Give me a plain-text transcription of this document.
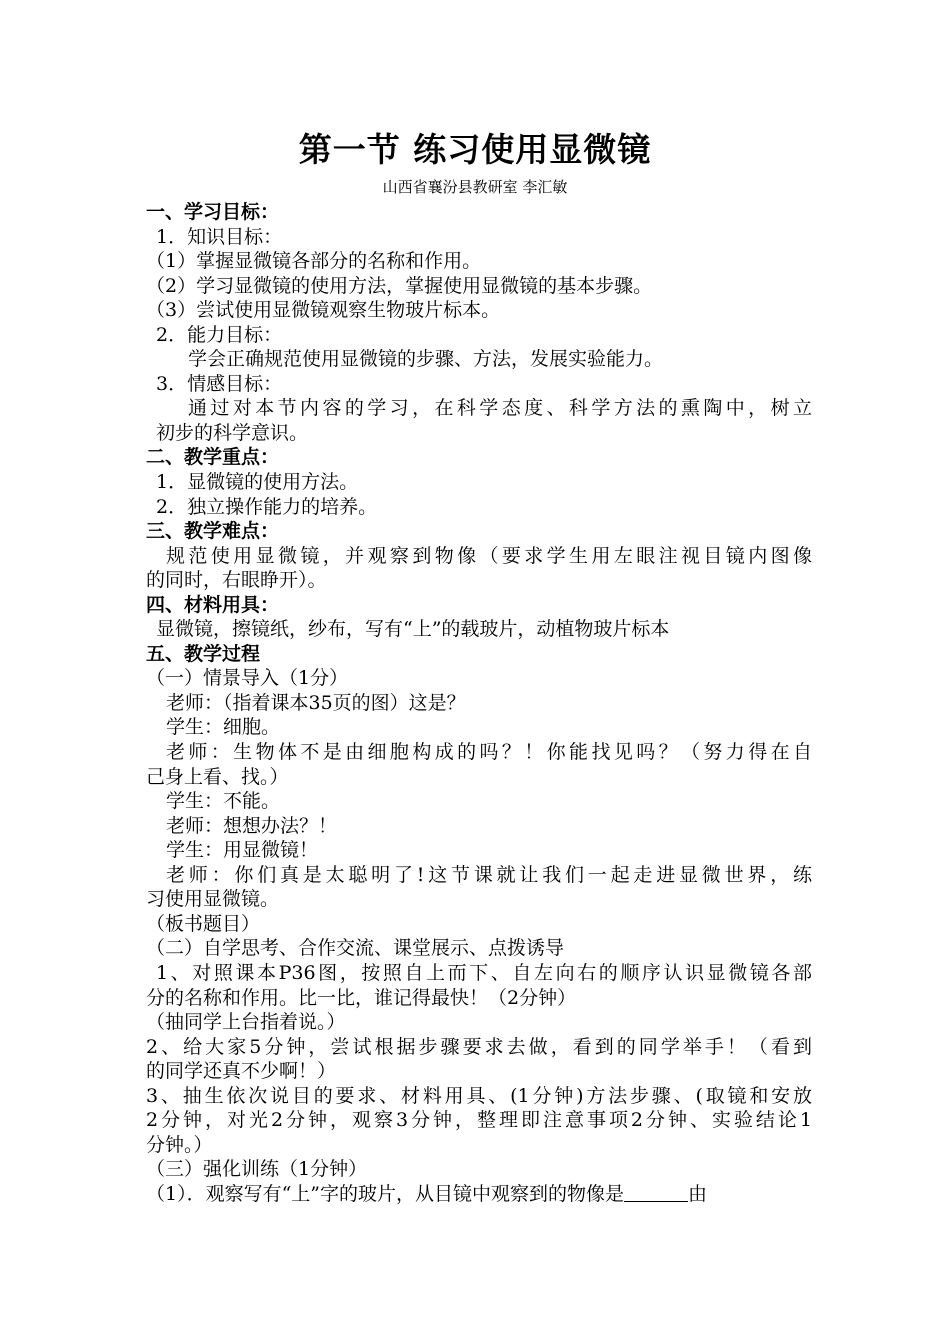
第一节 练习使用显微镜
山西省襄汾县教研室 李汇敏
一、学习目标：
1．知识目标：
（1）掌握显微镜各部分的名称和作用。
（2）学习显微镜的使用方法，掌握使用显微镜的基本步骤。
（3）尝试使用显微镜观察生物玻片标本。
2．能力目标：
学会正确规范使用显微镜的步骤、方法，发展实验能力。
3．情感目标：
通过对本节内容的学习，在科学态度、科学方法的熏陶中，树立
初步的科学意识。
二、教学重点：
1．显微镜的使用方法。
2．独立操作能力的培养。
三、教学难点：
规范使用显微镜，并观察到物像（要求学生用左眼注视目镜内图像
的同时，右眼睁开）。
四、材料用具：
显微镜，擦镜纸，纱布，写有“上”的载玻片，动植物玻片标本
五、教学过程
（一）情景导入（1分）
老师：（指着课本35页的图）这是？
学生：细胞。
老师：生物体不是由细胞构成的吗？！你能找见吗？（努力得在自
己身上看、找。）
学生：不能。
老师：想想办法？！
学生：用显微镜！
老师：你们真是太聪明了!这节课就让我们一起走进显微世界，练
习使用显微镜。
（板书题目）
（二）自学思考、合作交流、课堂展示、点拨诱导
1、对照课本P36图，按照自上而下、自左向右的顺序认识显微镜各部
分的名称和作用。比一比，谁记得最快！（2分钟）
（抽同学上台指着说。）
2、给大家5分钟，尝试根据步骤要求去做，看到的同学举手！（看到
的同学还真不少啊！）
3、抽生依次说目的要求、材料用具、(1分钟)方法步骤、(取镜和安放
2分钟，对光2分钟，观察3分钟，整理即注意事项2分钟、实验结论1
分钟。）
（三）强化训练（1分钟）
（1）．观察写有“上”字的玻片，从目镜中观察到的物像是	由
